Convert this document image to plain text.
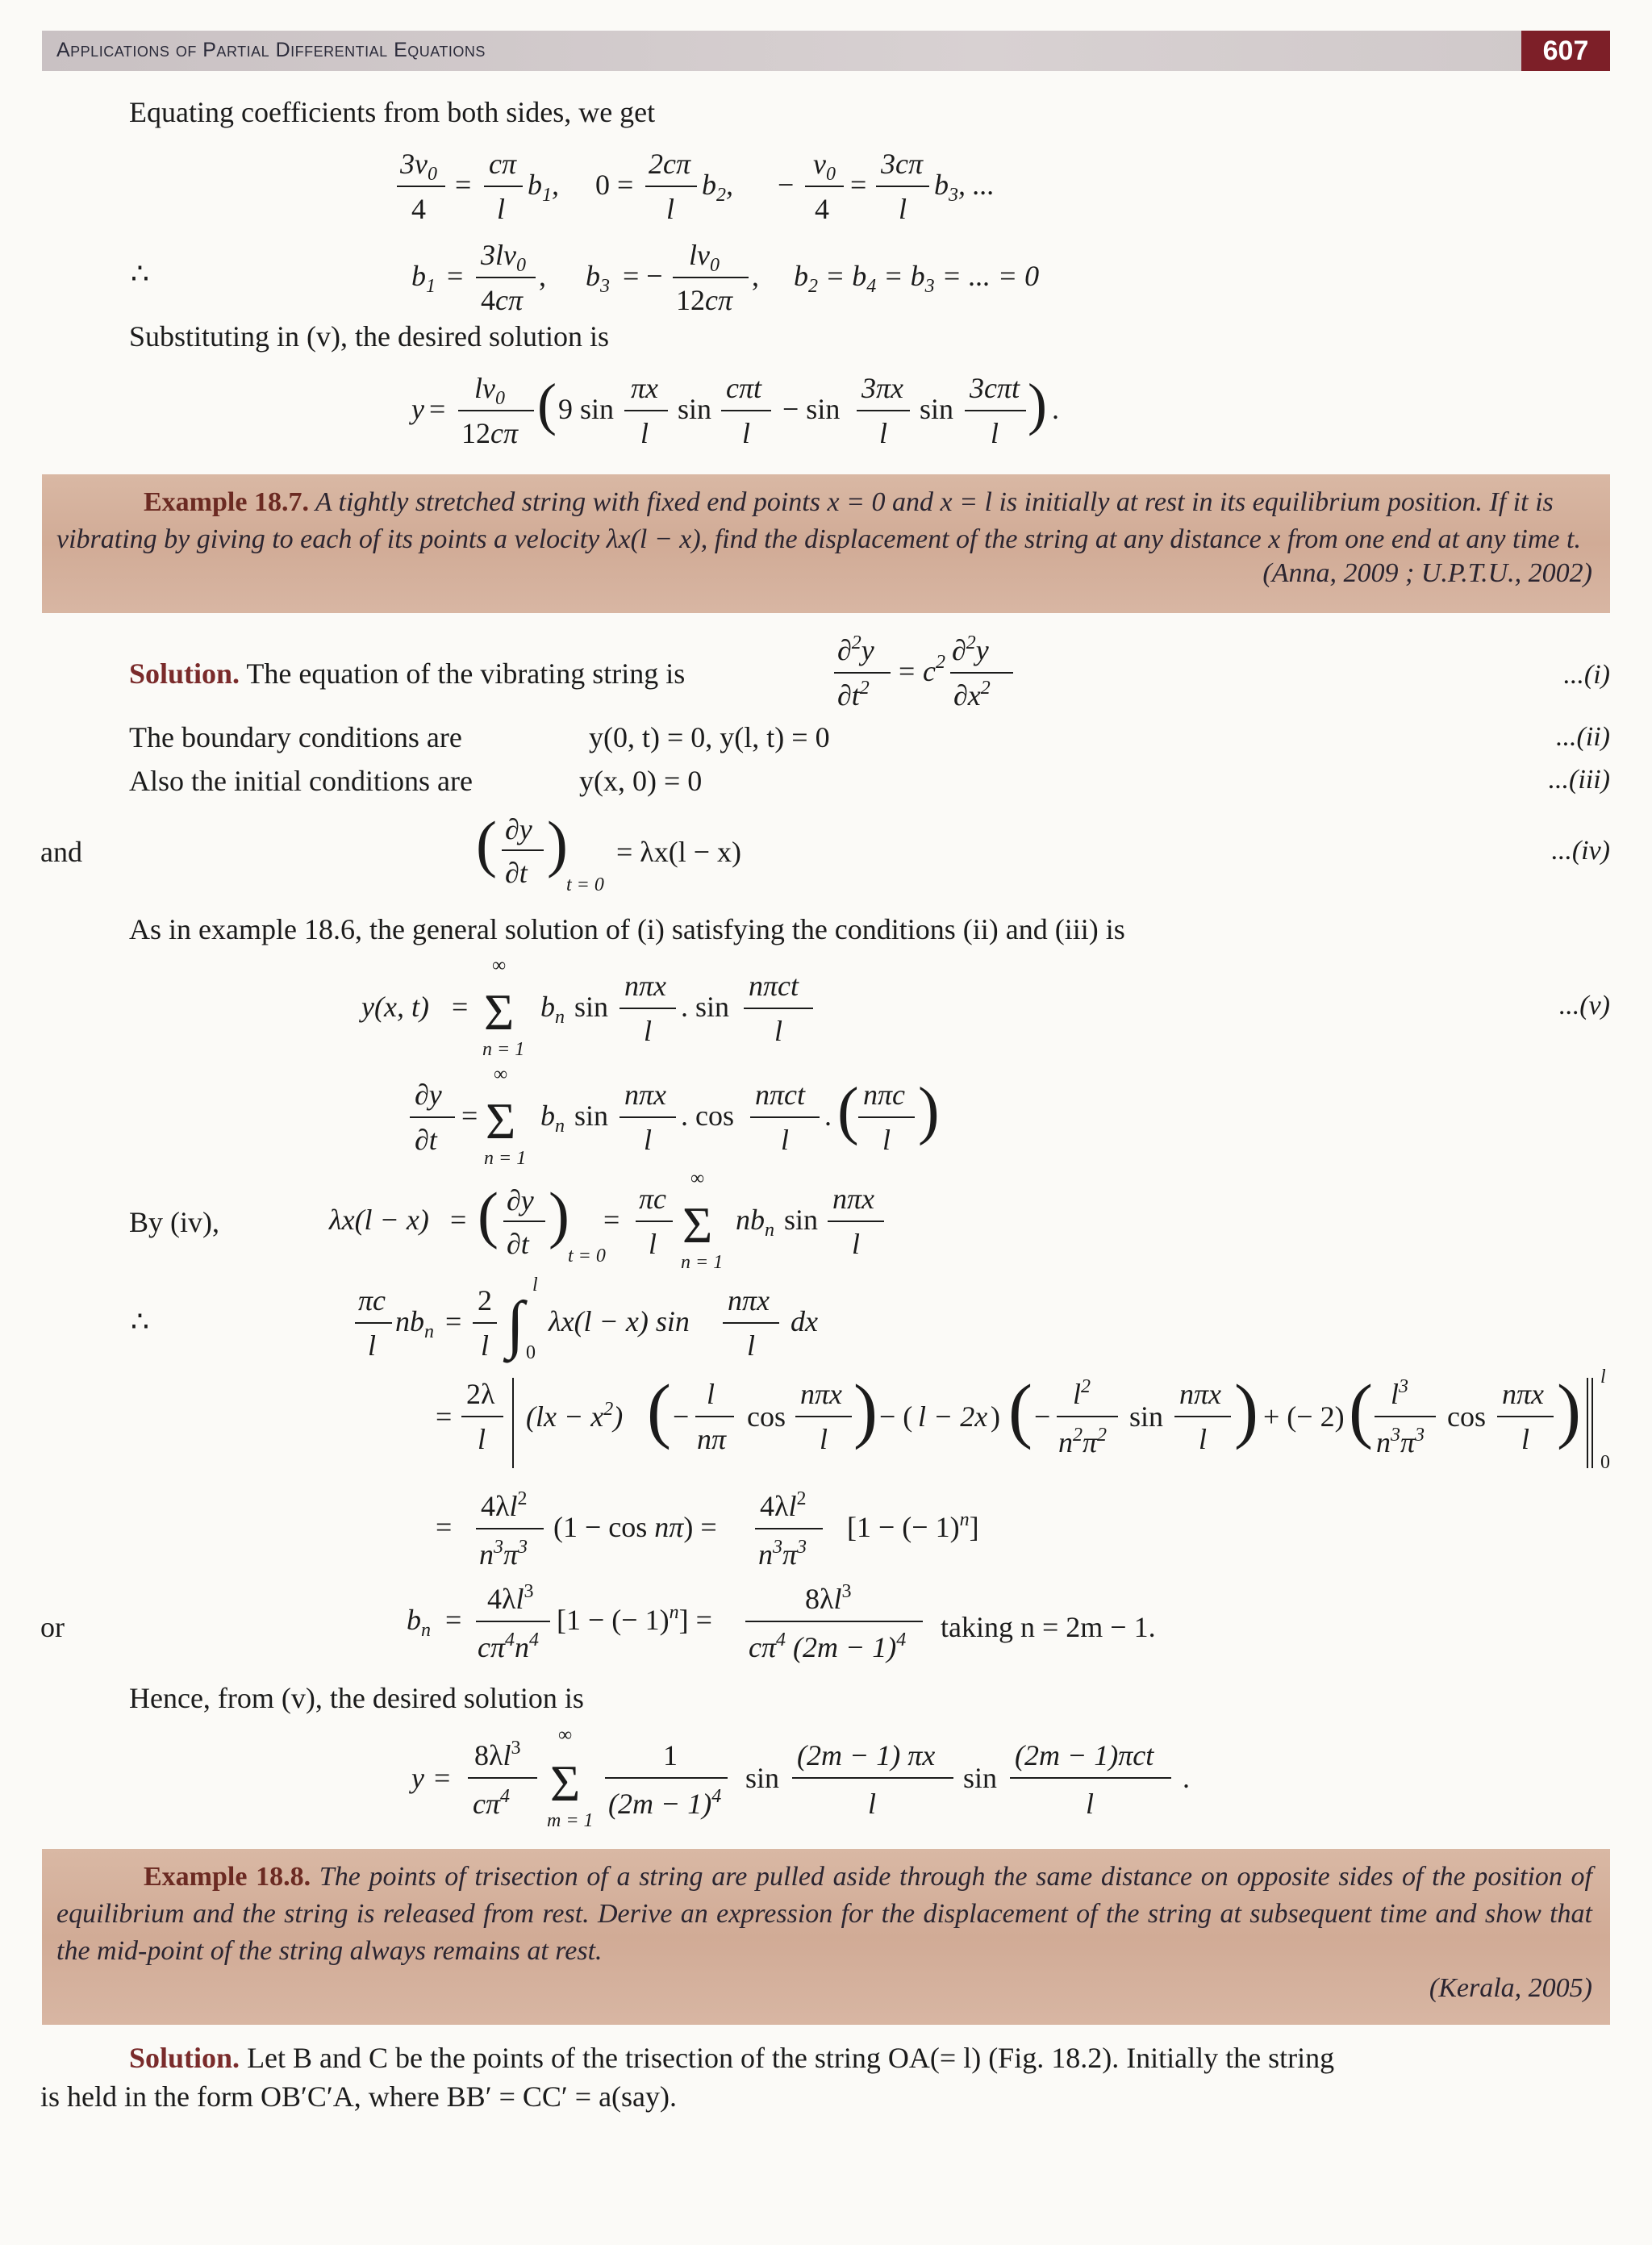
Applications of Partial Differential Equations	607
Equating coefficients from both sides, we get
$3v_0$
4
=
cπ
l
$b_1$, 0 =
2cπ
l
$b_2$, −
$v_0$
4
=
3cπ
l
$b_3$, ...
∴	$b_1$ =
$3lv_0$
4cπ
, $b_3$ = −
$lv_0$
12cπ
, $b_2 = b_4 = b_3$ = ... = 0
Substituting in (v), the desired solution is
y =
$lv_0$
12cπ ( 9 sin
πx
l
sin
cπt
l
− sin
3πx
l
sin
3cπt
l ) .
Example 18.7. A tightly stretched string with fixed end points x = 0 and x = l is initially at rest in its equilibrium position. If it is vibrating by giving to each of its points a velocity λx(l − x), find the displacement of the string at any distance x from one end at any time t.
(Anna, 2009 ; U.P.T.U., 2002)
Solution. The equation of the vibrating string is
∂$^2$y
$\partial t^2$
= $c^2$ ∂$^2$y
$\partial x^2$	...(i)
The boundary conditions are	y(0, t) = 0, y(l, t) = 0	...(ii)
Also the initial conditions are	y(x, 0) = 0	...(iii)
and	( ∂y
∂t )
t = 0
= λx(l − x)	...(iv)
As in example 18.6, the general solution of (i) satisfying the conditions (ii) and (iii) is
y(x, t) =
∞
Σ
n = 1
$b_n$ sin
nπx
l
. sin
nπct
l
...(v)
∂y
∂t
=
∞
Σ
n = 1
$b_n$ sin
nπx
l
. cos
nπct
l
. ( nπc
l )
By (iv),	λx(l − x) = ( ∂y
∂t )
t = 0
=
πc
l
∞
Σ
n = 1
$nb_n$ sin
nπx
l
∴
πc
l
$nb_n$ =
2
l ∫
l
0
λx(l − x) sin
nπx
l
dx
=
2λ
l
$(lx - x^2)$ ( −
l
nπ
cos
nπx
l ) − ( l − 2x ) ( −
$l^2$
$n^2\pi^2$
sin
nπx
l ) + (− 2) ( $l^3$
$n^3\pi^3$
cos
nπx
l ) l
0
=
$4\lambda l^2$
$n^3\pi^3$
(1 − cos nπ) =
$4\lambda l^2$
$n^3\pi^3$
[1 − (− 1)$^n$]
or	$b_n$ =
$4\lambda l^3$
$c\pi^4n^4$
[1 − (− 1)$^n$] =
$8\lambda l^3$
$c\pi^4$ $(2m - 1)^4$ taking n = 2m − 1.
Hence, from (v), the desired solution is
y =
$8\lambda l^3$
$c\pi^4$
∞
Σ
m = 1
1
$(2m - 1)^4$
sin
(2m − 1) πx
l
sin
(2m − 1)πct
l
.
Example 18.8. The points of trisection of a string are pulled aside through the same distance on opposite sides of the position of equilibrium and the string is released from rest. Derive an expression for the displacement of the string at subsequent time and show that the mid-point of the string always remains at rest.
(Kerala, 2005)
Solution. Let B and C be the points of the trisection of the string OA(= l) (Fig. 18.2). Initially the string
is held in the form OB′C′A, where BB′ = CC′ = a(say).
